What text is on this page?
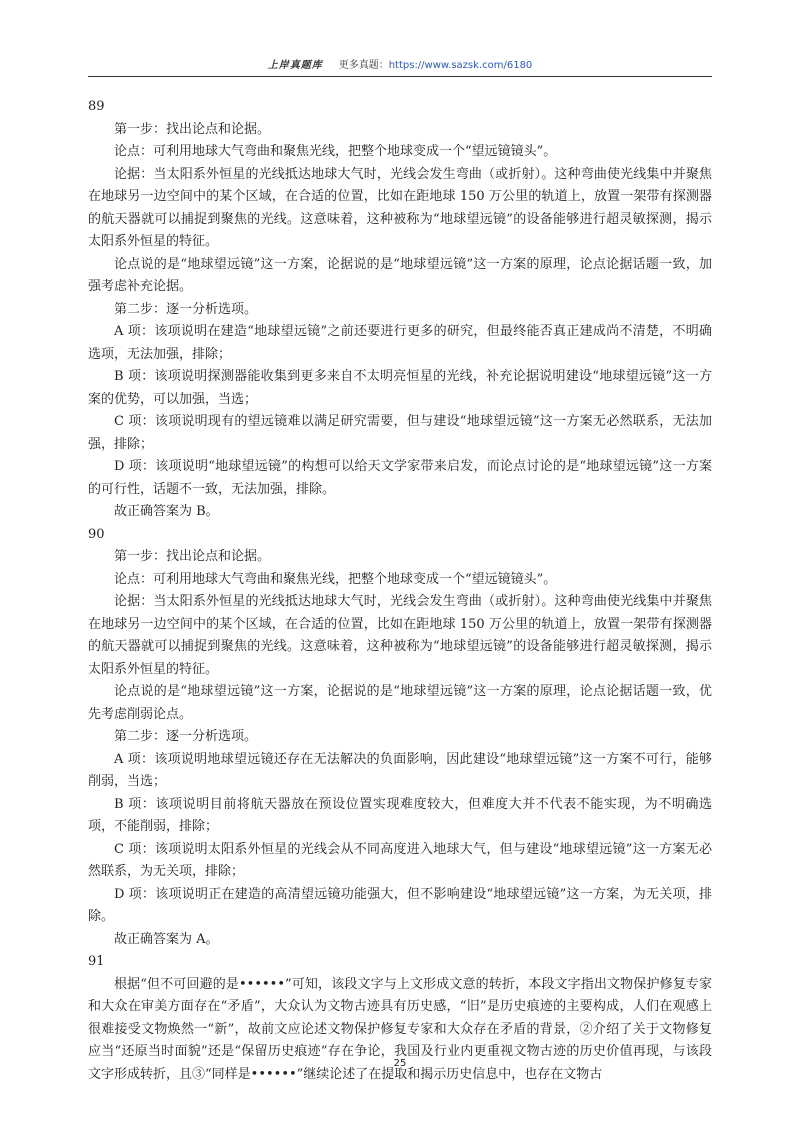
上岸真题库 更多真题：https://www.sazsk.com/6180

89

第一步：找出论点和论据。

论点：可利用地球大气弯曲和聚焦光线，把整个地球变成一个“望远镜镜头”。

论据：当太阳系外恒星的光线抵达地球大气时，光线会发生弯曲（或折射）。这种弯曲使光线集中并聚焦在地球另一边空间中的某个区域，在合适的位置，比如在距地球 150 万公里的轨道上，放置一架带有探测器的航天器就可以捕捉到聚焦的光线。这意味着，这种被称为“地球望远镜”的设备能够进行超灵敏探测，揭示太阳系外恒星的特征。

论点说的是“地球望远镜”这一方案，论据说的是“地球望远镜”这一方案的原理，论点论据话题一致，加强考虑补充论据。

第二步：逐一分析选项。

A 项：该项说明在建造“地球望远镜”之前还要进行更多的研究，但最终能否真正建成尚不清楚，不明确选项，无法加强，排除；

B 项：该项说明探测器能收集到更多来自不太明亮恒星的光线，补充论据说明建设“地球望远镜”这一方案的优势，可以加强，当选；

C 项：该项说明现有的望远镜难以满足研究需要，但与建设“地球望远镜”这一方案无必然联系，无法加强，排除；

D 项：该项说明“地球望远镜”的构想可以给天文学家带来启发，而论点讨论的是“地球望远镜”这一方案的可行性，话题不一致，无法加强，排除。

故正确答案为 B。

90

第一步：找出论点和论据。

论点：可利用地球大气弯曲和聚焦光线，把整个地球变成一个“望远镜镜头”。

论据：当太阳系外恒星的光线抵达地球大气时，光线会发生弯曲（或折射）。这种弯曲使光线集中并聚焦在地球另一边空间中的某个区域，在合适的位置，比如在距地球 150 万公里的轨道上，放置一架带有探测器的航天器就可以捕捉到聚焦的光线。这意味着，这种被称为“地球望远镜”的设备能够进行超灵敏探测，揭示太阳系外恒星的特征。

论点说的是“地球望远镜”这一方案，论据说的是“地球望远镜”这一方案的原理，论点论据话题一致，优先考虑削弱论点。

第二步：逐一分析选项。

A 项：该项说明地球望远镜还存在无法解决的负面影响，因此建设“地球望远镜”这一方案不可行，能够削弱，当选；

B 项：该项说明目前将航天器放在预设位置实现难度较大，但难度大并不代表不能实现，为不明确选项，不能削弱，排除；

C 项：该项说明太阳系外恒星的光线会从不同高度进入地球大气，但与建设“地球望远镜”这一方案无必然联系，为无关项，排除；

D 项：该项说明正在建造的高清望远镜功能强大，但不影响建设“地球望远镜”这一方案，为无关项，排除。

故正确答案为 A。

91

根据“但不可回避的是••••••”可知，该段文字与上文形成文意的转折，本段文字指出文物保护修复专家和大众在审美方面存在“矛盾”，大众认为文物古迹具有历史感，“旧”是历史痕迹的主要构成，人们在观感上很难接受文物焕然一“新”，故前文应论述文物保护修复专家和大众存在矛盾的背景，②介绍了关于文物修复应当“还原当时面貌”还是“保留历史痕迹”存在争论，我国及行业内更重视文物古迹的历史价值再现，与该段文字形成转折，且③“同样是••••••”继续论述了在提取和揭示历史信息中，也存在文物古

25
